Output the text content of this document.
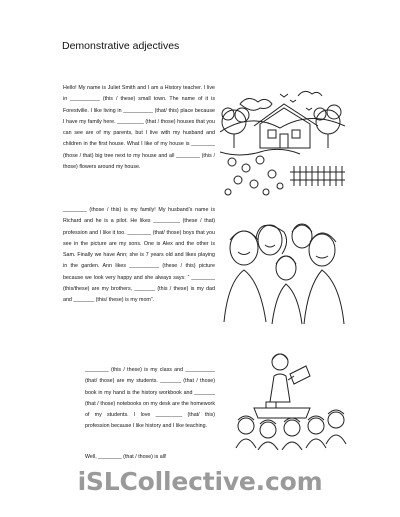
Demonstrative adjectives
Hello! My name is Juliet Smith and I am a History teacher. I live in __________ (this / these) small town. The name of it is Forestville. I like living in __________ (that/ this) place because I have my family here. _________ (that / those) houses that you can see are of my parents, but I live with my husband and children in the first house. What I like of my house is ________ (those / that) big tree next to my house and all ________ (this / those) flowers around my house.
________ (those / this) is my family! My husband’s name is Richard and he is a pilot. He likes _________ (these / that) profession and I like it too. ________ (that/ those) boys that you see in the picture are my sons. One is Alex and the other is Sam. Finally we have Ann; she is 7 years old and likes playing in the garden. Ann likes __________ (these / this) picture because we look very happy and she always says: “ ________ (this/these) are my brothers, _______ (this / these) is my dad and _______ (this/ these) is my mom”.
________ (this / these) is my class and __________ (that/ those) are my students. _______ (that / those) book in my hand is the history workbook and _______ (that / those) notebooks on my desk are the homework of my students. I love _________ (that/ this) profession because I like history and I like teaching.
Well, ________ (that / those) is all!
iSLCollective.com
